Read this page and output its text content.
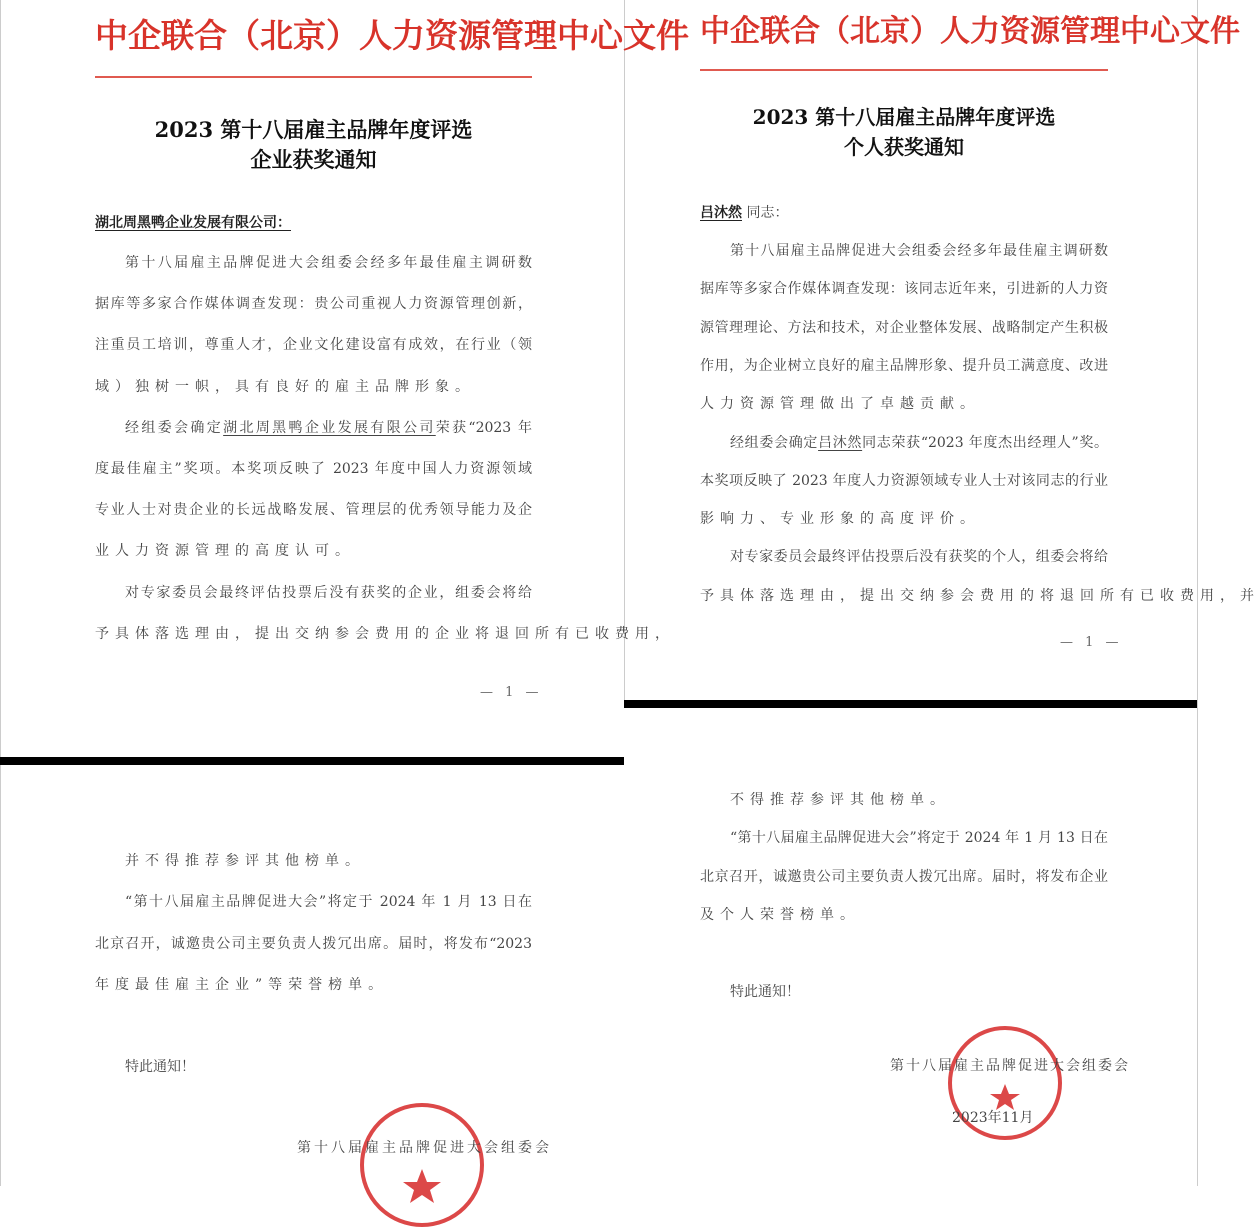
中企联合（北京）人力资源管理中心文件
2023 第十八届雇主品牌年度评选
企业获奖通知
湖北周黑鸭企业发展有限公司：
第十八届雇主品牌促进大会组委会经多年最佳雇主调研数
据库等多家合作媒体调查发现：贵公司重视人力资源管理创新，
注重员工培训，尊重人才，企业文化建设富有成效，在行业（领
域）独树一帜，具有良好的雇主品牌形象。
经组委会确定湖北周黑鸭企业发展有限公司荣获“2023 年
度最佳雇主”奖项。本奖项反映了 2023 年度中国人力资源领域
专业人士对贵企业的长远战略发展、管理层的优秀领导能力及企
业人力资源管理的高度认可。
对专家委员会最终评估投票后没有获奖的企业，组委会将给
予具体落选理由，提出交纳参会费用的企业将退回所有已收费用，
— 1 —
并不得推荐参评其他榜单。
“第十八届雇主品牌促进大会”将定于 2024 年 1 月 13 日在
北京召开，诚邀贵公司主要负责人拨冗出席。届时，将发布“2023
年度最佳雇主企业”等荣誉榜单。
特此通知！
第十八届雇主品牌促进大会组委会
中企联合（北京）人力资源管理中心文件
2023 第十八届雇主品牌年度评选
个人获奖通知
吕沐然 同志：
第十八届雇主品牌促进大会组委会经多年最佳雇主调研数
据库等多家合作媒体调查发现：该同志近年来，引进新的人力资
源管理理论、方法和技术，对企业整体发展、战略制定产生积极
作用，为企业树立良好的雇主品牌形象、提升员工满意度、改进
人力资源管理做出了卓越贡献。
经组委会确定吕沐然同志荣获“2023 年度杰出经理人”奖。
本奖项反映了 2023 年度人力资源领域专业人士对该同志的行业
影响力、专业形象的高度评价。
对专家委员会最终评估投票后没有获奖的个人，组委会将给
予具体落选理由，提出交纳参会费用的将退回所有已收费用，并
— 1 —
不得推荐参评其他榜单。
“第十八届雇主品牌促进大会”将定于 2024 年 1 月 13 日在
北京召开，诚邀贵公司主要负责人拨冗出席。届时，将发布企业
及个人荣誉榜单。
特此通知！
第十八届雇主品牌促进大会组委会
2023年11月
